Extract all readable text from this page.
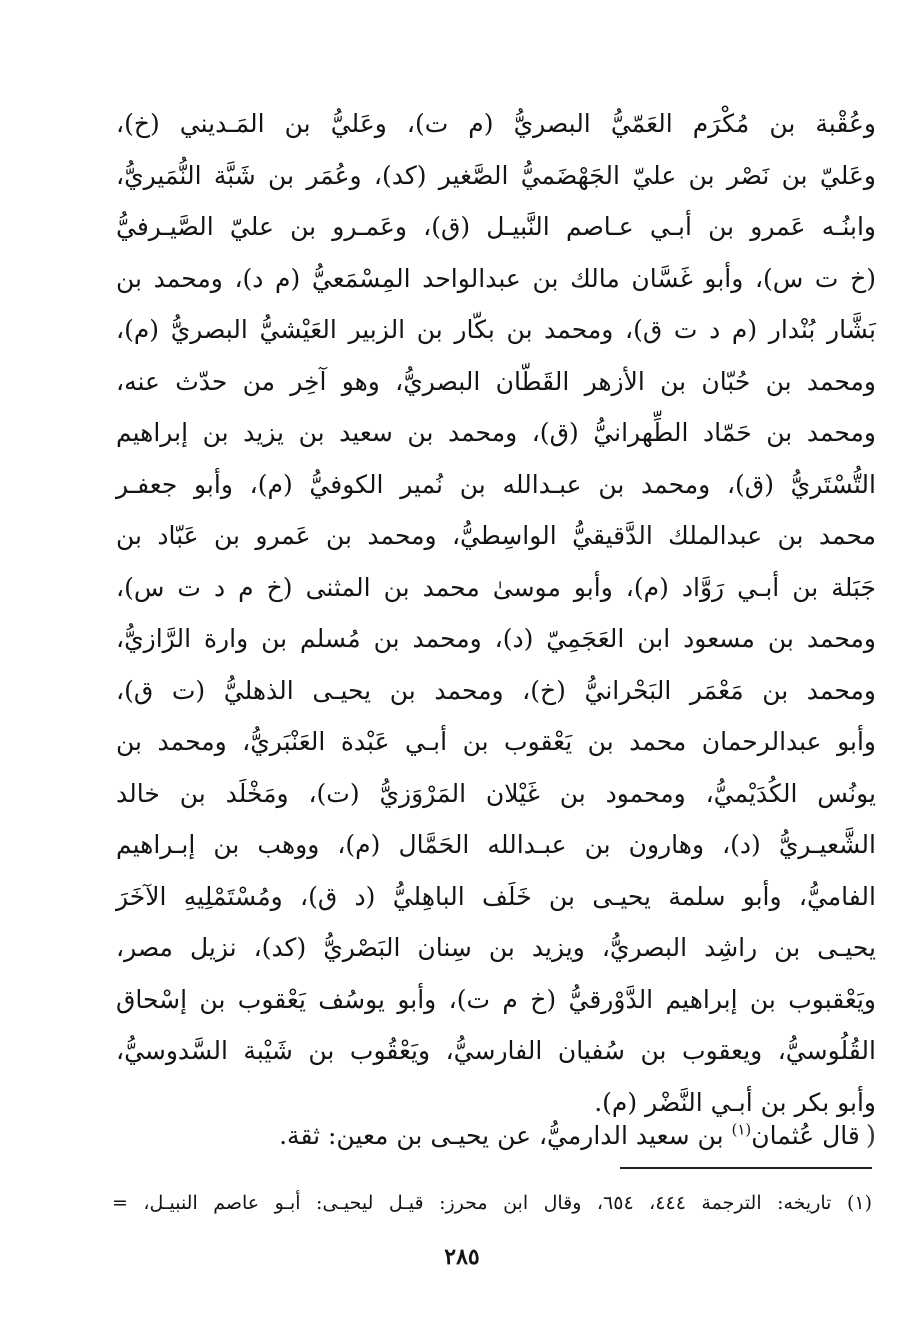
وعُقْبة بن مُكْرَم العَمّيُّ البصريُّ (م ت)، وعَليُّ بن المَـديني (خ)،
وعَليّ بن نَصْر بن عليّ الجَهْضَميُّ الصَّغير (كد)، وعُمَر بن شَبَّة النُّمَيريُّ،
وابنُـه عَمرو بن أبـي عـاصم النَّبيـل (ق)، وعَمـرو بن عليّ الصَّيـرفيُّ
(خ ت س)، وأبو غَسَّان مالك بن عبدالواحد المِسْمَعيُّ (م د)، ومحمد بن
بَشَّار بُنْدار (م د ت ق)، ومحمد بن بكّار بن الزبير العَيْشيُّ البصريُّ (م)،
ومحمد بن حُبّان بن الأزهر القَطّان البصريُّ، وهو آخِر من حدّث عنه،
ومحمد بن حَمّاد الطِّهرانيُّ (ق)، ومحمد بن سعيد بن يزيد بن إبراهيم
التُّسْتَريُّ (ق)، ومحمد بن عبـدالله بن نُمير الكوفيُّ (م)، وأبو جعفـر
محمد بن عبدالملك الدَّقيقيُّ الواسِطيُّ، ومحمد بن عَمرو بن عَبّاد بن
جَبَلة بن أبـي رَوَّاد (م)، وأبو موسىٰ محمد بن المثنى (خ م د ت س)،
ومحمد بن مسعود ابن العَجَمِيّ (د)، ومحمد بن مُسلم بن وارة الرَّازيُّ،
ومحمد بن مَعْمَر البَحْرانيُّ (خ)، ومحمد بن يحيـى الذهليُّ (ت ق)،
وأبو عبدالرحمان محمد بن يَعْقوب بن أبـي عَبْدة العَنْبَريُّ، ومحمد بن
يونُس الكُدَيْميُّ، ومحمود بن غَيْلان المَرْوَزيُّ (ت)، ومَخْلَد بن خالد
الشَّعيـريُّ (د)، وهارون بن عبـدالله الحَمَّال (م)، ووهب بن إبـراهيم
الفاميُّ، وأبو سلمة يحيـى بن خَلَف الباهِليُّ (د ق)، ومُسْتَمْلِيهِ الآخَرَ
يحيـى بن راشِد البصريُّ، ويزيد بن سِنان البَصْريُّ (كد)، نزيل مصر،
ويَعْقبوب بن إبراهيم الدَّوْرقيُّ (خ م ت)، وأبو يوسُف يَعْقوب بن إسْحاق
القُلُوسيُّ، ويعقوب بن سُفيان الفارسيُّ، ويَعْقُوب بن شَيْبة السَّدوسيُّ،
وأبو بكر بن أبـي النَّضْر (م).
(قال عُثمان$^{(١)}$ بن سعيد الدارميُّ، عن يحيـى بن معين: ثقة.
(١) تاريخه: الترجمة ٤٤٤، ٦٥٤، وقال ابن محرز: قيـل ليحيـى: أبـو عاصم النبيـل، =
٢٨٥
